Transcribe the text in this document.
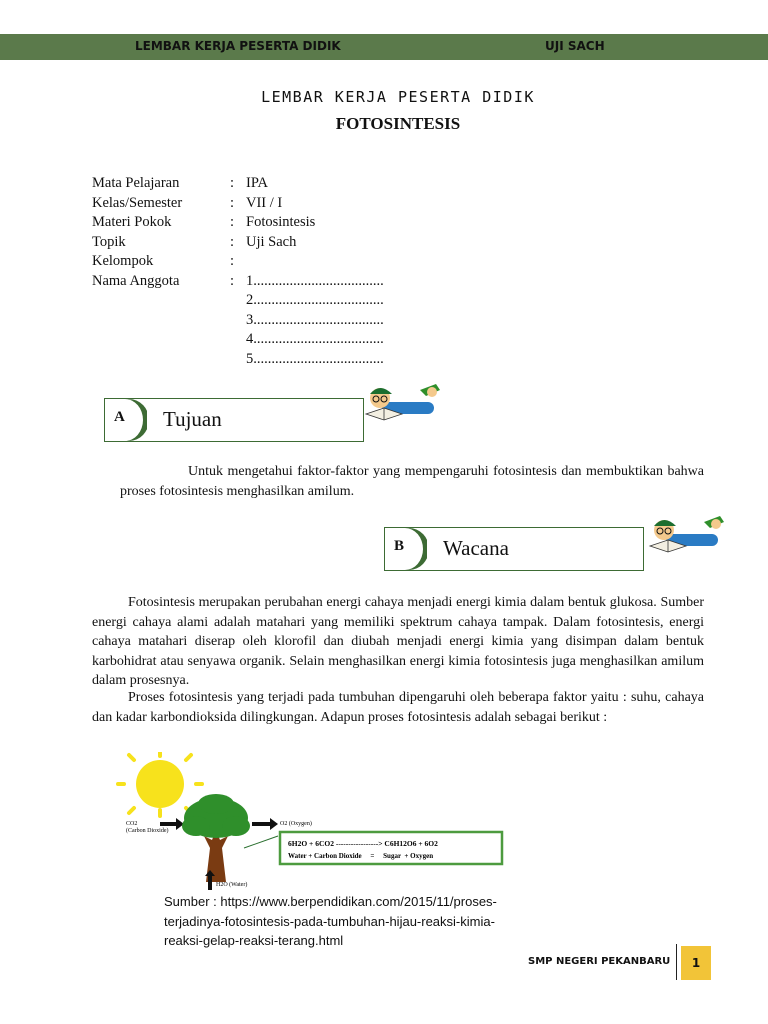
LEMBAR KERJA PESERTA DIDIK	UJI SACH
LEMBAR KERJA PESERTA DIDIK
FOTOSINTESIS
Mata Pelajaran	: IPA
Kelas/Semester	: VII / I
Materi Pokok	: Fotosintesis
Topik	: Uji Sach
Kelompok	:
Nama Anggota	: 1....................................
2....................................
3....................................
4....................................
5....................................
A Tujuan
Untuk mengetahui faktor-faktor yang mempengaruhi fotosintesis dan membuktikan bahwa proses fotosintesis menghasilkan amilum.
B Wacana
Fotosintesis merupakan perubahan energi cahaya menjadi energi kimia dalam bentuk glukosa. Sumber energi cahaya alami adalah matahari yang memiliki spektrum cahaya tampak. Dalam fotosintesis, energi cahaya matahari diserap oleh klorofil dan diubah menjadi energi kimia yang disimpan dalam bentuk karbohidrat atau senyawa organik. Selain menghasilkan energi kimia fotosintesis juga menghasilkan amilum dalam prosesnya.
Proses fotosintesis yang terjadi pada tumbuhan dipengaruhi oleh beberapa faktor yaitu : suhu, cahaya dan kadar karbondioksida dilingkungan. Adapun proses fotosintesis adalah sebagai berikut :
CO2
(Carbon Dioxide)
O2 (Oxygen)
6H2O + 6CO2 -----------------> C6H12O6 + 6O2
Water + Carbon Dioxide     =     Sugar  + Oxygen
H2O (Water)
Sumber : https://www.berpendidikan.com/2015/11/proses-terjadinya-fotosintesis-pada-tumbuhan-hijau-reaksi-kimia-reaksi-gelap-reaksi-terang.html
SMP NEGERI PEKANBARU	1
